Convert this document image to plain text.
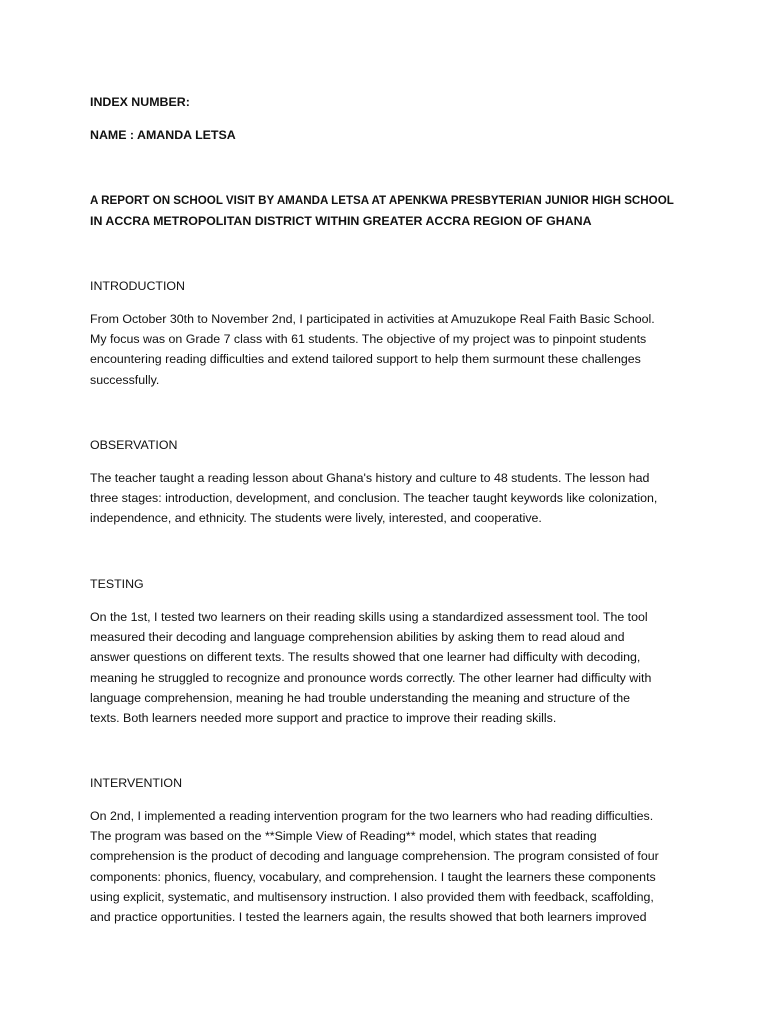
INDEX NUMBER:
NAME : AMANDA LETSA
A REPORT ON SCHOOL VISIT BY AMANDA LETSA AT APENKWA PRESBYTERIAN JUNIOR HIGH SCHOOL
IN ACCRA METROPOLITAN DISTRICT WITHIN GREATER ACCRA REGION OF GHANA
INTRODUCTION
From October 30th to November 2nd, I participated in activities at Amuzukope Real Faith Basic School.
My focus was on Grade 7 class with 61 students. The objective of my project was to pinpoint students
encountering reading difficulties and extend tailored support to help them surmount these challenges
successfully.
OBSERVATION
The teacher taught a reading lesson about Ghana's history and culture to 48 students. The lesson had
three stages: introduction, development, and conclusion. The teacher taught keywords like colonization,
independence, and ethnicity. The students were lively, interested, and cooperative.
TESTING
On the 1st, I tested two learners on their reading skills using a standardized assessment tool. The tool
measured their decoding and language comprehension abilities by asking them to read aloud and
answer questions on different texts. The results showed that one learner had difficulty with decoding,
meaning he struggled to recognize and pronounce words correctly. The other learner had difficulty with
language comprehension, meaning he had trouble understanding the meaning and structure of the
texts. Both learners needed more support and practice to improve their reading skills.
INTERVENTION
On 2nd, I implemented a reading intervention program for the two learners who had reading difficulties.
The program was based on the **Simple View of Reading** model, which states that reading
comprehension is the product of decoding and language comprehension. The program consisted of four
components: phonics, fluency, vocabulary, and comprehension. I taught the learners these components
using explicit, systematic, and multisensory instruction. I also provided them with feedback, scaffolding,
and practice opportunities. I tested the learners again, the results showed that both learners improved
